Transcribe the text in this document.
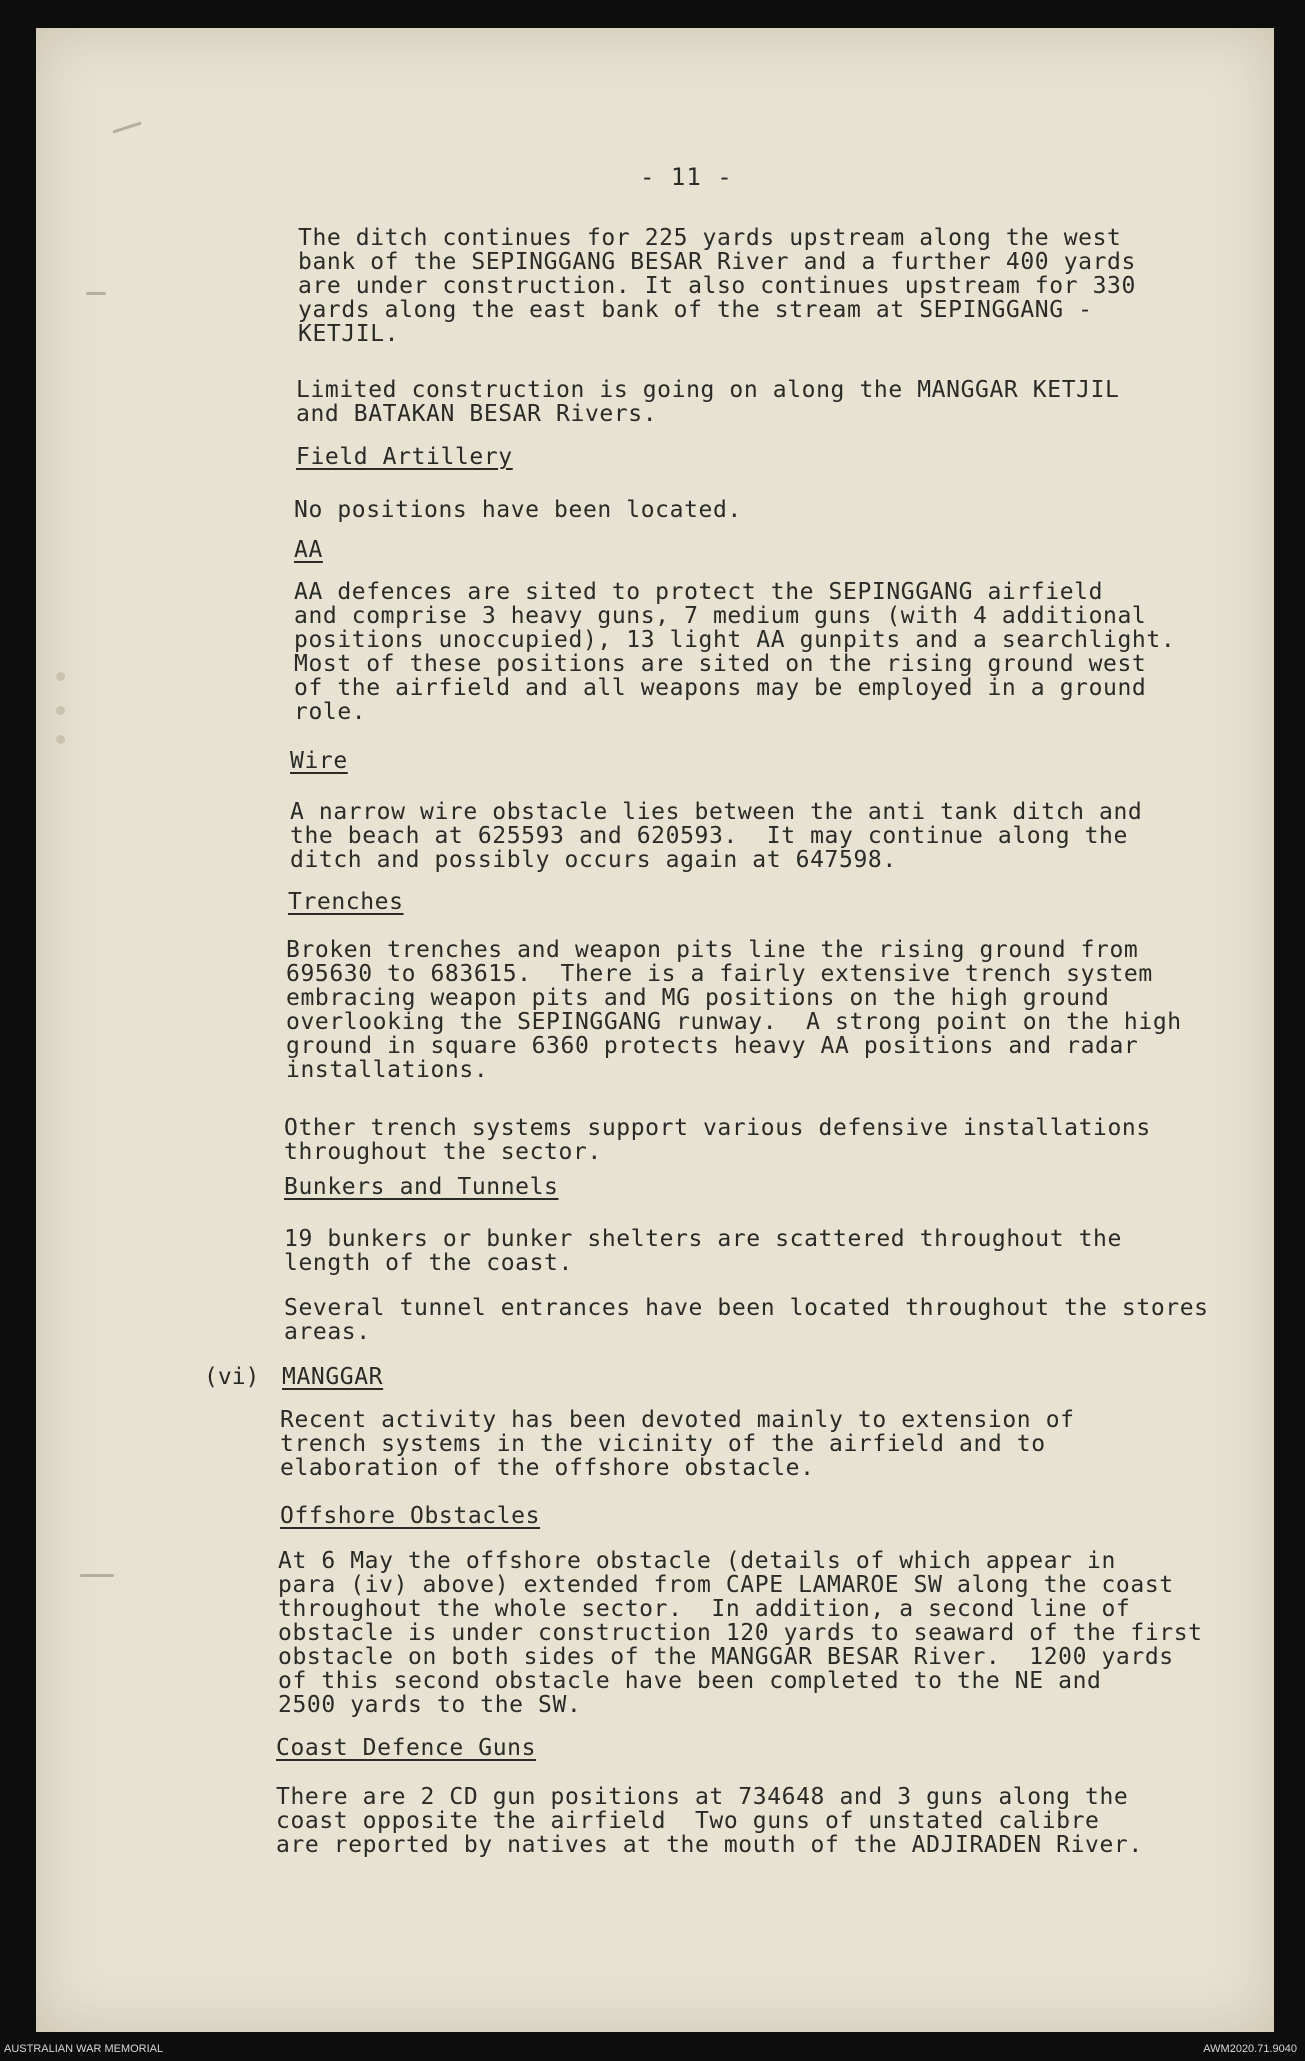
- 11 -

The ditch continues for 225 yards upstream along the west
bank of the SEPINGGANG BESAR River and a further 400 yards
are under construction. It also continues upstream for 330
yards along the east bank of the stream at SEPINGGANG -
KETJIL.

Limited construction is going on along the MANGGAR KETJIL
and BATAKAN BESAR Rivers.

Field Artillery

No positions have been located.

AA

AA defences are sited to protect the SEPINGGANG airfield
and comprise 3 heavy guns, 7 medium guns (with 4 additional
positions unoccupied), 13 light AA gunpits and a searchlight.
Most of these positions are sited on the rising ground west
of the airfield and all weapons may be employed in a ground
role.

Wire

A narrow wire obstacle lies between the anti tank ditch and
the beach at 625593 and 620593.  It may continue along the
ditch and possibly occurs again at 647598.

Trenches

Broken trenches and weapon pits line the rising ground from
695630 to 683615.  There is a fairly extensive trench system
embracing weapon pits and MG positions on the high ground
overlooking the SEPINGGANG runway.  A strong point on the high
ground in square 6360 protects heavy AA positions and radar
installations.

Other trench systems support various defensive installations
throughout the sector.

Bunkers and Tunnels

19 bunkers or bunker shelters are scattered throughout the
length of the coast.

Several tunnel entrances have been located throughout the stores
areas.

(vi) MANGGAR

Recent activity has been devoted mainly to extension of
trench systems in the vicinity of the airfield and to
elaboration of the offshore obstacle.

Offshore Obstacles

At 6 May the offshore obstacle (details of which appear in
para (iv) above) extended from CAPE LAMAROE SW along the coast
throughout the whole sector.  In addition, a second line of
obstacle is under construction 120 yards to seaward of the first
obstacle on both sides of the MANGGAR BESAR River.  1200 yards
of this second obstacle have been completed to the NE and
2500 yards to the SW.

Coast Defence Guns

There are 2 CD gun positions at 734648 and 3 guns along the
coast opposite the airfield  Two guns of unstated calibre
are reported by natives at the mouth of the ADJIRADEN River.

AUSTRALIAN WAR MEMORIAL	AWM2020.71.9040
